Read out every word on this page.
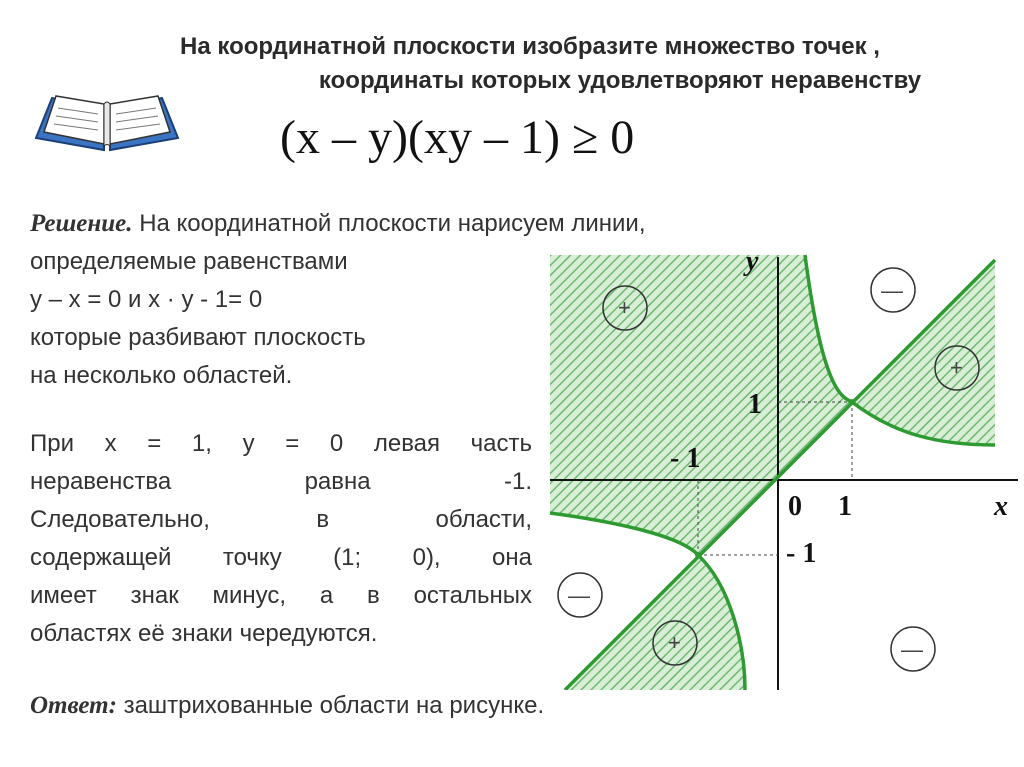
На координатной плоскости изобразите множество точек ,
координаты которых удовлетворяют неравенству
(x – y)(xy – 1) ≥ 0
Решение. На координатной плоскости нарисуем линии,
определяемые равенствами
y – x = 0 и x · y - 1= 0
которые разбивают плоскость
на несколько областей.
При x = 1, y = 0 левая часть
неравенства равна -1.
Следовательно, в области,
содержащей точку (1; 0), она
имеет знак минус, а в остальных
областях её знаки чередуются.
Ответ: заштрихованные области на рисунке.
y
x
0 1
1
- 1
- 1
+
—
+
—
+	—
